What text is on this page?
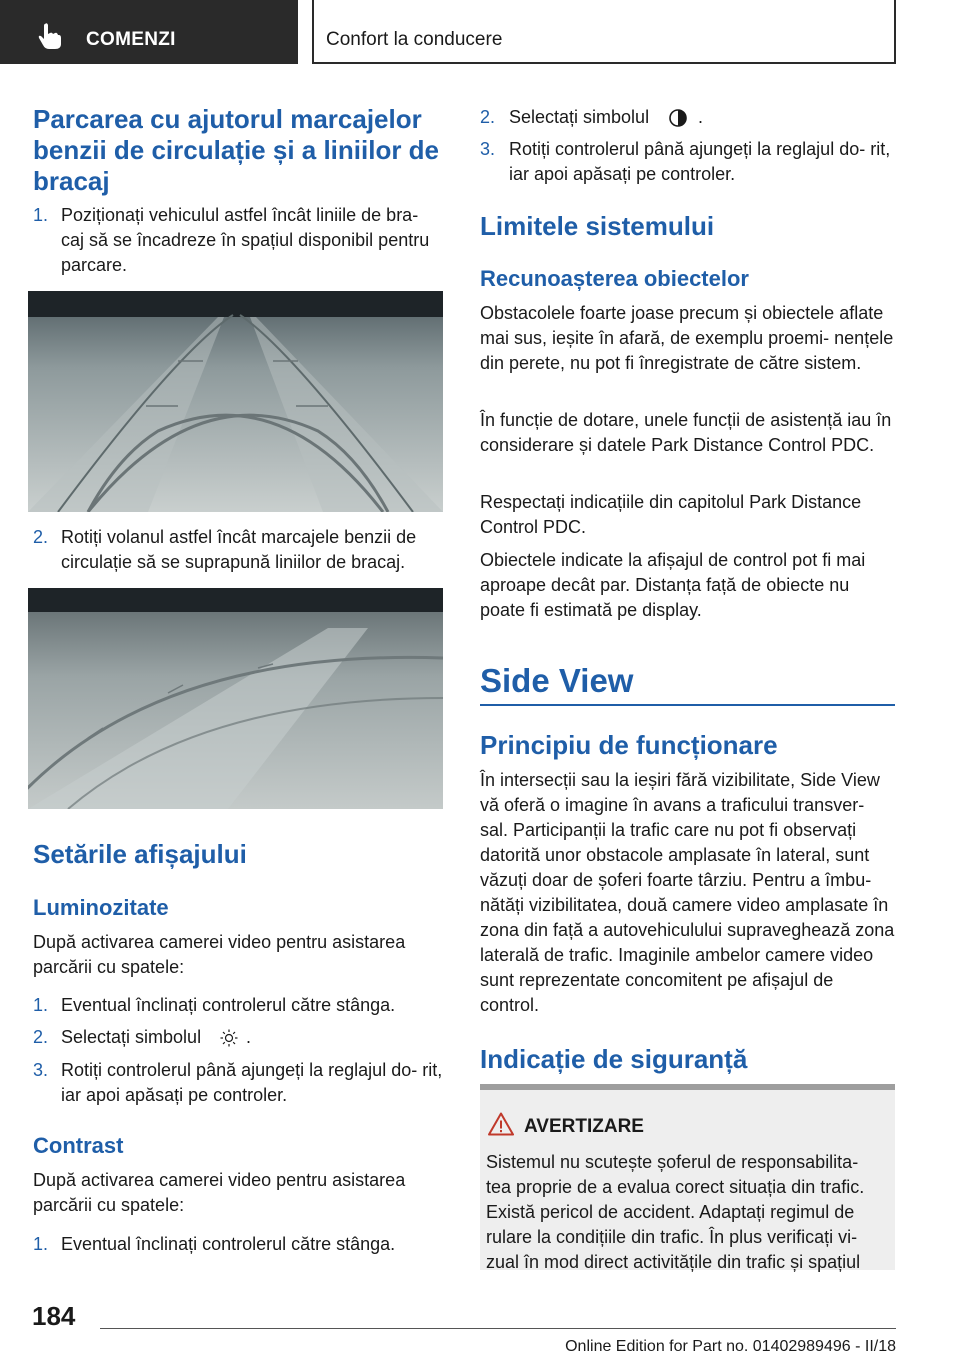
COMENZI	Confort la conducere
Parcarea cu ajutorul marcajelor benzii de circulație și a liniilor de bracaj
1. Poziționați vehiculul astfel încât liniile de bra‐ caj să se încadreze în spațiul disponibil pentru parcare.
2. Rotiți volanul astfel încât marcajele benzii de circulație să se suprapună liniilor de bracaj.
Setările afișajului
Luminozitate
După activarea camerei video pentru asistarea parcării cu spatele:
1. Eventual înclinați controlerul către stânga.
2. Selectați simbolul .
3. Rotiți controlerul până ajungeți la reglajul do‐ rit, iar apoi apăsați pe controler.
Contrast
După activarea camerei video pentru asistarea parcării cu spatele:
1. Eventual înclinați controlerul către stânga.
2. Selectați simbolul	.
3. Rotiți controlerul până ajungeți la reglajul do‐ rit, iar apoi apăsați pe controler.
Limitele sistemului
Recunoașterea obiectelor
Obstacolele foarte joase precum și obiectele aflate mai sus, ieșite în afară, de exemplu proemi‐ nențele din perete, nu pot fi înregistrate de către sistem.
În funcție de dotare, unele funcții de asistență iau în considerare și datele Park Distance Control PDC.
Respectați indicațiile din capitolul Park Distance Control PDC.
Obiectele indicate la afișajul de control pot fi mai aproape decât par. Distanța față de obiecte nu poate fi estimată pe display.
Side View
Principiu de funcționare
În intersecții sau la ieșiri fără vizibilitate, Side View vă oferă o imagine în avans a traficului transver‐ sal. Participanții la trafic care nu pot fi observați datorită unor obstacole amplasate în lateral, sunt văzuți doar de șoferi foarte târziu. Pentru a îmbu‐ nătăți vizibilitatea, două camere video amplasate în zona din față a autovehiculului supraveghează zona laterală de trafic. Imaginile ambelor camere video sunt reprezentate concomitent pe afișajul de control.
Indicație de siguranță
AVERTIZARE
Sistemul nu scutește șoferul de responsabilita‐ tea proprie de a evalua corect situația din trafic. Există pericol de accident. Adaptați regimul de rulare la condițiile din trafic. În plus verificați vi‐ zual în mod direct activitățile din trafic și spațiul
184
Online Edition for Part no. 01402989496 - II/18
